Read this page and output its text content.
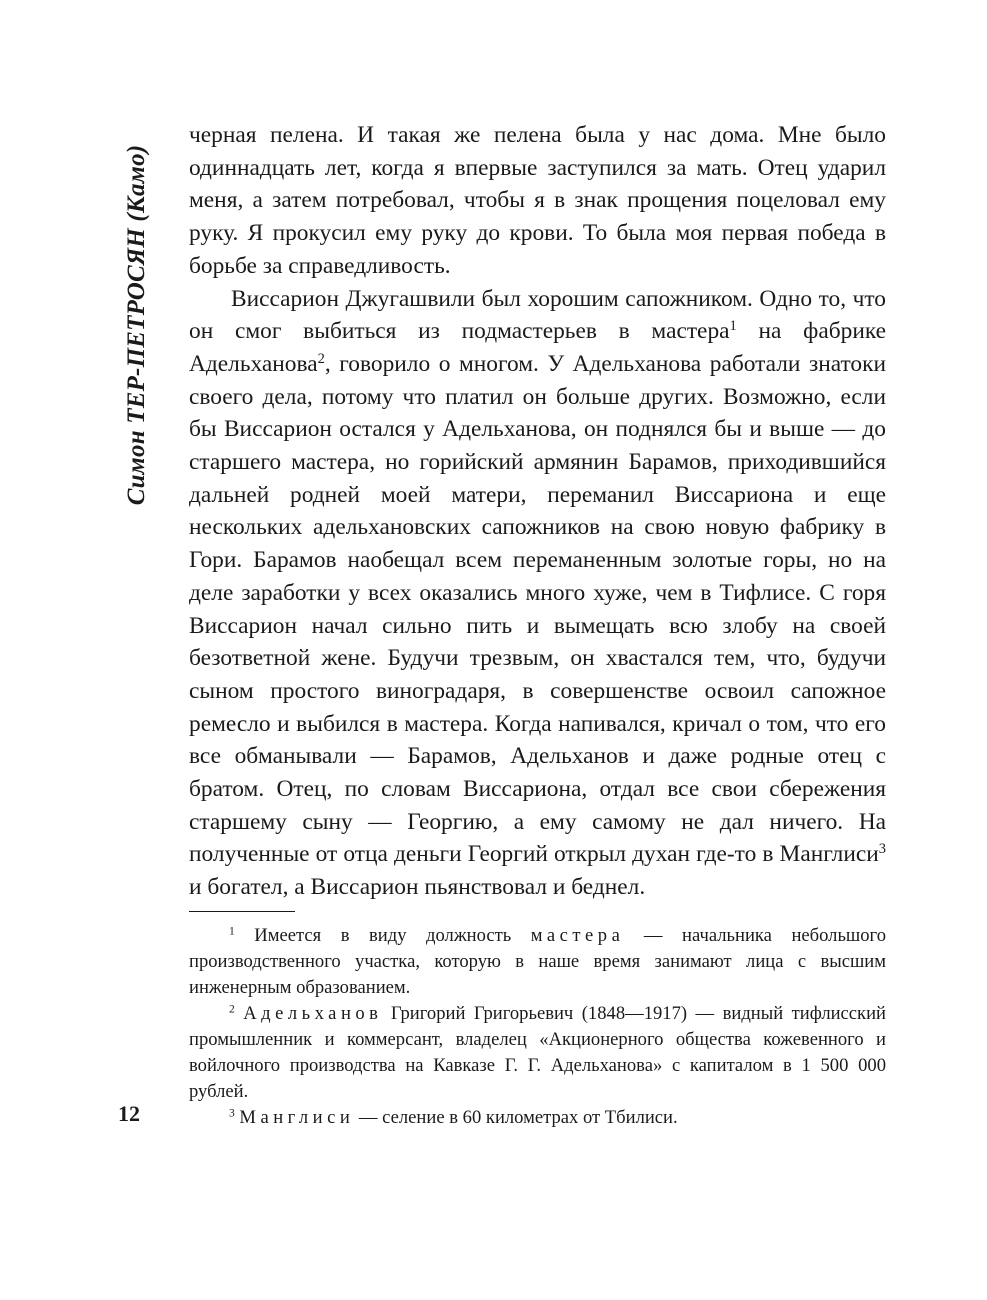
Симон ТЕР-ПЕТРОСЯН (Камо)

черная пелена. И такая же пелена была у нас дома. Мне было одиннадцать лет, когда я впервые заступился за мать. Отец ударил меня, а затем потребовал, чтобы я в знак прощения поцеловал ему руку. Я прокусил ему руку до крови. То была моя первая победа в борьбе за справедливость.

Виссарион Джугашвили был хорошим сапожником. Одно то, что он смог выбиться из подмастерьев в мастера$^1$ на фабрике Адельханова$^2$, говорило о многом. У Адельханова работали знатоки своего дела, потому что платил он больше других. Возможно, если бы Виссарион остался у Адельханова, он поднялся бы и выше — до старшего мастера, но горийский армянин Барамов, приходившийся дальней родней моей матери, переманил Виссариона и еще нескольких адельхановских сапожников на свою новую фабрику в Гори. Барамов наобещал всем переманенным золотые горы, но на деле заработки у всех оказались много хуже, чем в Тифлисе. С горя Виссарион начал сильно пить и вымещать всю злобу на своей безответной жене. Будучи трезвым, он хвастался тем, что, будучи сыном простого виноградаря, в совершенстве освоил сапожное ремесло и выбился в мастера. Когда напивался, кричал о том, что его все обманывали — Барамов, Адельханов и даже родные отец с братом. Отец, по словам Виссариона, отдал все свои сбережения старшему сыну — Георгию, а ему самому не дал ничего. На полученные от отца деньги Георгий открыл духан где-то в Манглиси$^3$ и богател, а Виссарион пьянствовал и беднел.

$^1$ Имеется в виду должность мастера — начальника небольшого производственного участка, которую в наше время занимают лица с высшим инженерным образованием.

$^2$ Адельханов Григорий Григорьевич (1848—1917) — видный тифлисский промышленник и коммерсант, владелец «Акционерного общества кожевенного и войлочного производства на Кавказе Г. Г. Адельханова» с капиталом в 1 500 000 рублей.

$^3$ Манглиси — селение в 60 километрах от Тбилиси.

12
